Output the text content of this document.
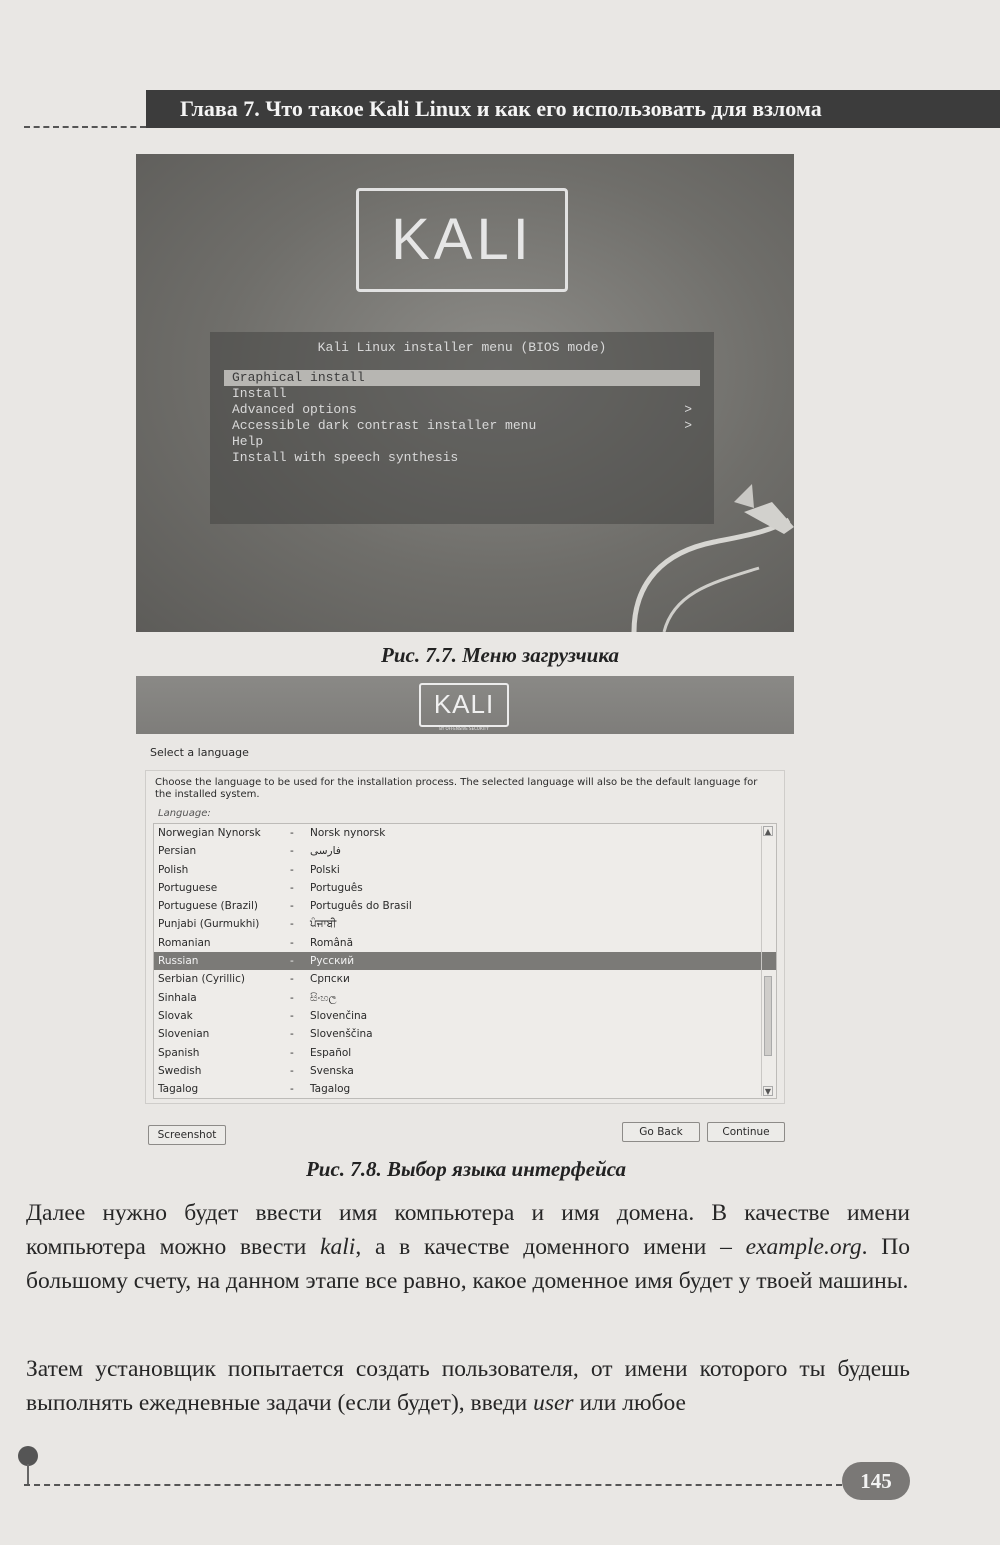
Глава 7. Что такое Kali Linux и как его использовать для взлома
KALI
Kali Linux installer menu (BIOS mode)
Graphical install
Install
Advanced options	>
Accessible dark contrast installer menu	>
Help
Install with speech synthesis
Рис. 7.7. Меню загрузчика
KALI
BY OFFENSIVE SECURITY
Select a language
Choose the language to be used for the installation process. The selected language will also be the default language for the installed system.
Language:
Norwegian Nynorsk	- Norsk nynorsk
Persian	- فارسی
Polish	- Polski
Portuguese	- Português
Portuguese (Brazil)	- Português do Brasil
Punjabi (Gurmukhi)	- ਪੰਜਾਬੀ
Romanian	- Română
Russian	- Русский
Serbian (Cyrillic)	- Српски
Sinhala	- සිංහල
Slovak	- Slovenčina
Slovenian	- Slovenščina
Spanish	- Español
Swedish	- Svenska
Tagalog	- Tagalog
▲
▼
Screenshot	Go Back	Continue
Рис. 7.8. Выбор языка интерфейса

Далее нужно будет ввести имя компьютера и имя домена. В качестве имени компьютера можно ввести kali, а в качестве доменного имени – example.org. По большому счету, на данном этапе все равно, какое доменное имя будет у твоей машины.

Затем установщик попытается создать пользователя, от имени которого ты будешь выполнять ежедневные задачи (если будет), введи user или любое

145
